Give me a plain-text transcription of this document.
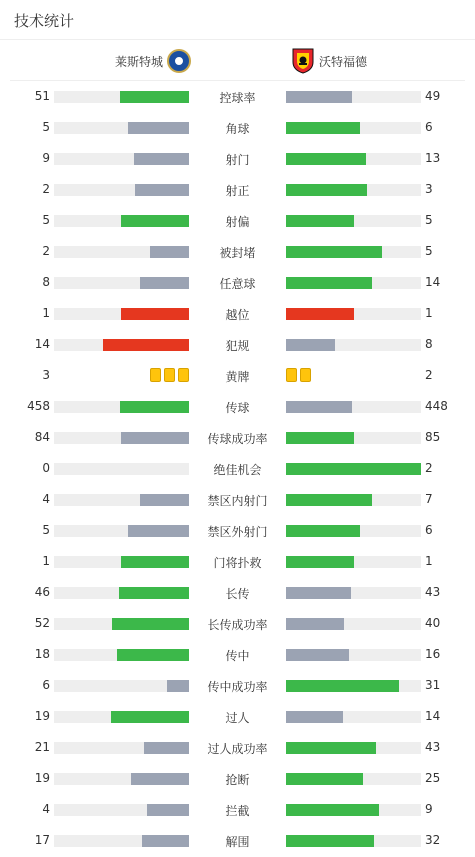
技术统计
莱斯特城	沃特福德
51	控球率	49
5	角球	6
9	射门	13
2	射正	3
5	射偏	5
2	被封堵	5
8	任意球	14
1	越位	1
14	犯规	8
3	黄牌	2
458	传球	448
84	传球成功率	85
0	绝佳机会	2
4	禁区内射门	7
5	禁区外射门	6
1	门将扑救	1
46	长传	43
52	长传成功率	40
18	传中	16
6	传中成功率	31
19	过人	14
21	过人成功率	43
19	抢断	25
4	拦截	9
17	解围	32
